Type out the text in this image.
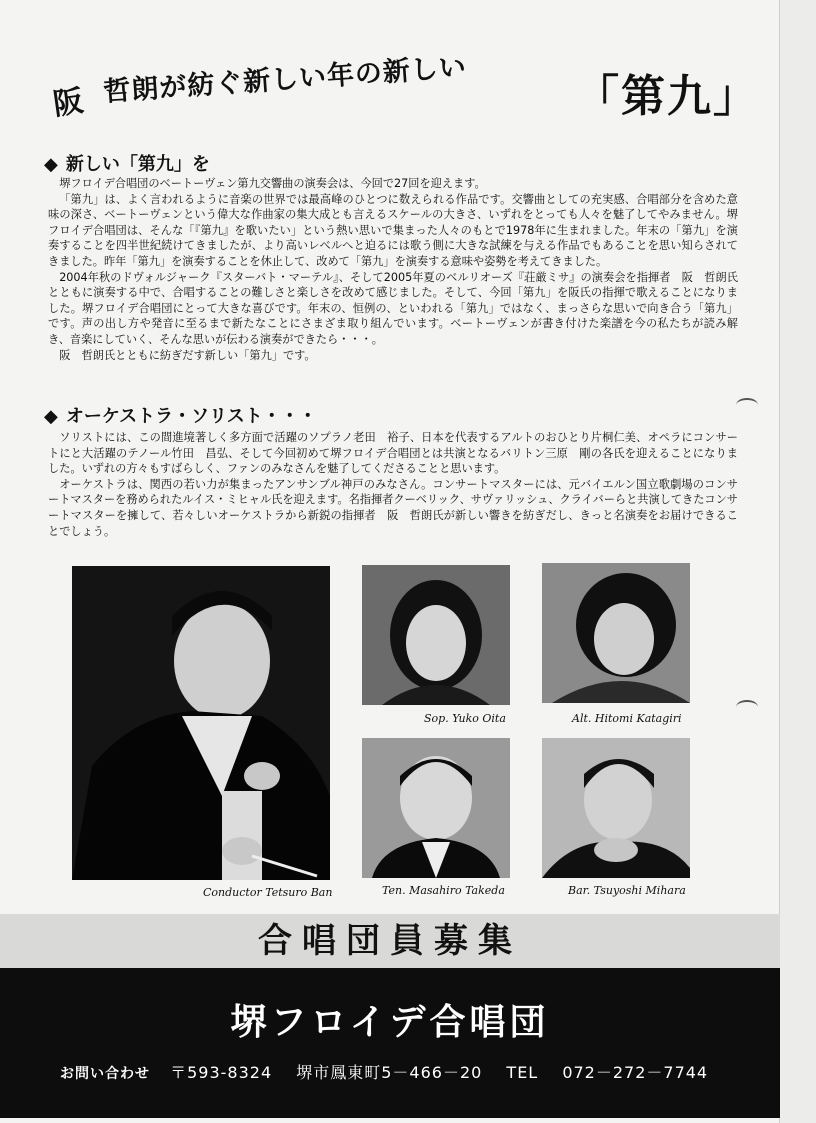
阪 哲朗が紡ぐ新しい年の新しい 「第九」
◆ 新しい「第九」を

堺フロイデ合唱団のベートーヴェン第九交響曲の演奏会は、今回で27回を迎えます。

「第九」は、よく言われるように音楽の世界では最高峰のひとつに数えられる作品です。交響曲としての充実感、合唱部分を含めた意味の深さ、ベートーヴェンという偉大な作曲家の集大成とも言えるスケールの大きさ、いずれをとっても人々を魅了してやみません。堺フロイデ合唱団は、そんな「『第九』を歌いたい」という熱い思いで集まった人々のもとで1978年に生まれました。年末の「第九」を演奏することを四半世紀続けてきましたが、より高いレベルへと迫るには歌う側に大きな試練を与える作品でもあることを思い知らされてきました。昨年「第九」を演奏することを休止して、改めて「第九」を演奏する意味や姿勢を考えてきました。

2004年秋のドヴォルジャーク『スターバト・マーテル』、そして2005年夏のベルリオーズ『荘厳ミサ』の演奏会を指揮者　阪　哲朗氏とともに演奏する中で、合唱することの難しさと楽しさを改めて感じました。そして、今回「第九」を阪氏の指揮で歌えることになりました。堺フロイデ合唱団にとって大きな喜びです。年末の、恒例の、といわれる「第九」ではなく、まっさらな思いで向き合う「第九」です。声の出し方や発音に至るまで新たなことにさまざま取り組んでいます。ベートーヴェンが書き付けた楽譜を今の私たちが読み解き、音楽にしていく、そんな思いが伝わる演奏ができたら・・・。

阪　哲朗氏とともに紡ぎだす新しい「第九」です。

◆ オーケストラ・ソリスト・・・

ソリストには、この間進境著しく多方面で活躍のソプラノ老田　裕子、日本を代表するアルトのおひとり片桐仁美、オペラにコンサートにと大活躍のテノール竹田　昌弘、そして今回初めて堺フロイデ合唱団とは共演となるバリトン三原　剛の各氏を迎えることになりました。いずれの方々もすばらしく、ファンのみなさんを魅了してくださることと思います。

オーケストラは、関西の若い力が集まったアンサンブル神戸のみなさん。コンサートマスターには、元バイエルン国立歌劇場のコンサートマスターを務められたルイス・ミヒャル氏を迎えます。名指揮者クーベリック、サヴァリッシュ、クライバーらと共演してきたコンサートマスターを擁して、若々しいオーケストラから新鋭の指揮者　阪　哲朗氏が新しい響きを紡ぎだし、きっと名演奏をお届けできることでしょう。

Conductor Tetsuro Ban
Sop. Yuko Oita	Alt. Hitomi Katagiri
Ten. Masahiro Takeda	Bar. Tsuyoshi Mihara
合唱団員募集
堺フロイデ合唱団
お問い合わせ 〒593-8324 堺市鳳東町5－466－20 TEL 072－272－7744
